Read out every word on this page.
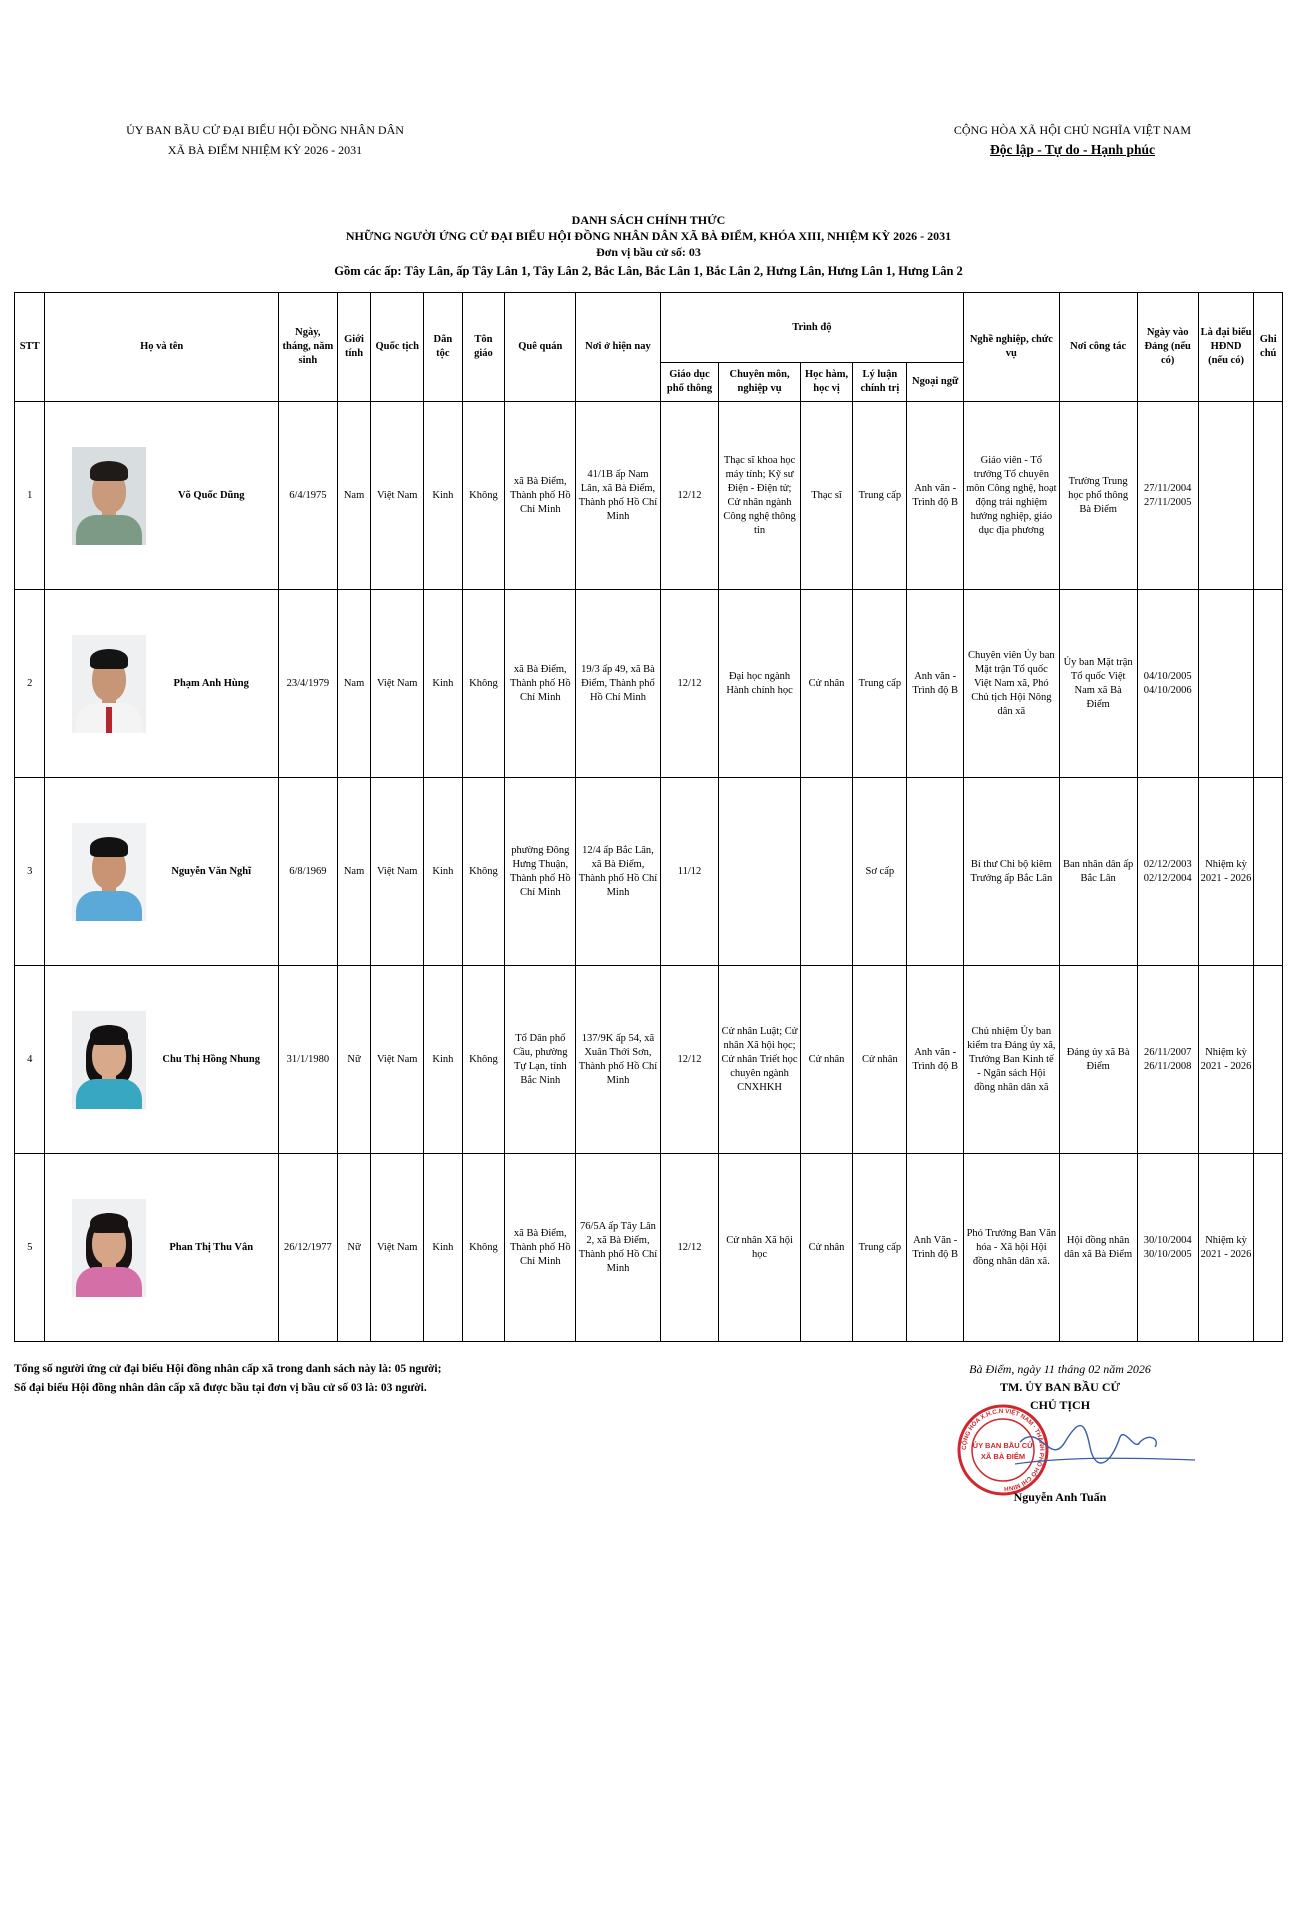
ỦY BAN BẦU CỬ ĐẠI BIỂU HỘI ĐỒNG NHÂN DÂN
XÃ BÀ ĐIỂM NHIỆM KỲ 2026 - 2031
CỘNG HÒA XÃ HỘI CHỦ NGHĨA VIỆT NAM
Độc lập - Tự do - Hạnh phúc
DANH SÁCH CHÍNH THỨC
NHỮNG NGƯỜI ỨNG CỬ ĐẠI BIỂU HỘI ĐỒNG NHÂN DÂN XÃ BÀ ĐIỂM, KHÓA XIII, NHIỆM KỲ 2026 - 2031
Đơn vị bầu cử số: 03
Gồm các ấp: Tây Lân, ấp Tây Lân 1, Tây Lân 2, Bắc Lân, Bắc Lân 1, Bắc Lân 2, Hưng Lân, Hưng Lân 1, Hưng Lân 2
STT	Họ và tên	Ngày, tháng, năm sinh	Giới tính	Quốc tịch	Dân tộc	Tôn giáo	Quê quán	Nơi ở hiện nay	Trình độ					Nghề nghiệp, chức vụ	Nơi công tác	Ngày vào Đảng (nếu có)	Là đại biểu HĐND (nếu có)	Ghi chú
									Giáo dục phổ thông	Chuyên môn, nghiệp vụ	Học hàm, học vị	Lý luận chính trị	Ngoại ngữ					
1	Võ Quốc Dũng	6/4/1975	Nam	Việt Nam	Kinh	Không	xã Bà Điểm, Thành phố Hồ Chí Minh	41/1B ấp Nam Lân, xã Bà Điểm, Thành phố Hồ Chí Minh	12/12	Thạc sĩ khoa học máy tính; Kỹ sư Điện - Điện tử; Cử nhân ngành Công nghệ thông tin	Thạc sĩ	Trung cấp	Anh văn - Trình độ B	Giáo viên - Tổ trưởng Tổ chuyên môn Công nghệ, hoạt động trải nghiệm hướng nghiệp, giáo dục địa phương	Trường Trung học phổ thông Bà Điểm	27/11/2004 27/11/2005		
2	Phạm Anh Hùng	23/4/1979	Nam	Việt Nam	Kinh	Không	xã Bà Điểm, Thành phố Hồ Chí Minh	19/3 ấp 49, xã Bà Điểm, Thành phố Hồ Chí Minh	12/12	Đại học ngành Hành chính học	Cử nhân	Trung cấp	Anh văn - Trình độ B	Chuyên viên Ủy ban Mặt trận Tổ quốc Việt Nam xã, Phó Chủ tịch Hội Nông dân xã	Ủy ban Mặt trận Tổ quốc Việt Nam xã Bà Điểm	04/10/2005 04/10/2006		
3	Nguyễn Văn Nghĩ	6/8/1969	Nam	Việt Nam	Kinh	Không	phường Đông Hưng Thuận, Thành phố Hồ Chí Minh	12/4 ấp Bắc Lân, xã Bà Điểm, Thành phố Hồ Chí Minh	11/12			Sơ cấp		Bí thư Chi bộ kiêm Trưởng ấp Bắc Lân	Ban nhân dân ấp Bắc Lân	02/12/2003 02/12/2004	Nhiệm kỳ 2021 - 2026	
4	Chu Thị Hồng Nhung	31/1/1980	Nữ	Việt Nam	Kinh	Không	Tổ Dân phố Cầu, phường Tự Lạn, tỉnh Bắc Ninh	137/9K ấp 54, xã Xuân Thới Sơn, Thành phố Hồ Chí Minh	12/12	Cử nhân Luật; Cử nhân Xã hội học; Cử nhân Triết học chuyên ngành CNXHKH	Cử nhân	Cử nhân	Anh văn - Trình độ B	Chủ nhiệm Ủy ban kiểm tra Đảng ủy xã, Trưởng Ban Kinh tế - Ngân sách Hội đồng nhân dân xã	Đảng ủy xã Bà Điểm	26/11/2007 26/11/2008	Nhiệm kỳ 2021 - 2026	
5	Phan Thị Thu Vân	26/12/1977	Nữ	Việt Nam	Kinh	Không	xã Bà Điểm, Thành phố Hồ Chí Minh	76/5A ấp Tây Lân 2, xã Bà Điểm, Thành phố Hồ Chí Minh	12/12	Cử nhân Xã hội học	Cử nhân	Trung cấp	Anh Văn - Trình độ B	Phó Trưởng Ban Văn hóa - Xã hội Hội đồng nhân dân xã.	Hội đồng nhân dân xã Bà Điểm	30/10/2004 30/10/2005	Nhiệm kỳ 2021 - 2026	
Tổng số người ứng cử đại biểu Hội đồng nhân cấp xã trong danh sách này là: 05 người;
Số đại biểu Hội đồng nhân dân cấp xã được bầu tại đơn vị bầu cử số 03 là: 03 người.
Bà Điểm, ngày 11 tháng 02 năm 2026
TM. ỦY BAN BẦU CỬ
CHỦ TỊCH
CỘNG HÒA X.H.C.N VIỆT NAM · THÀNH PHỐ HỒ CHÍ MINH
ỦY BAN BẦU CỬ
XÃ BÀ ĐIỂM
Nguyễn Anh Tuấn
